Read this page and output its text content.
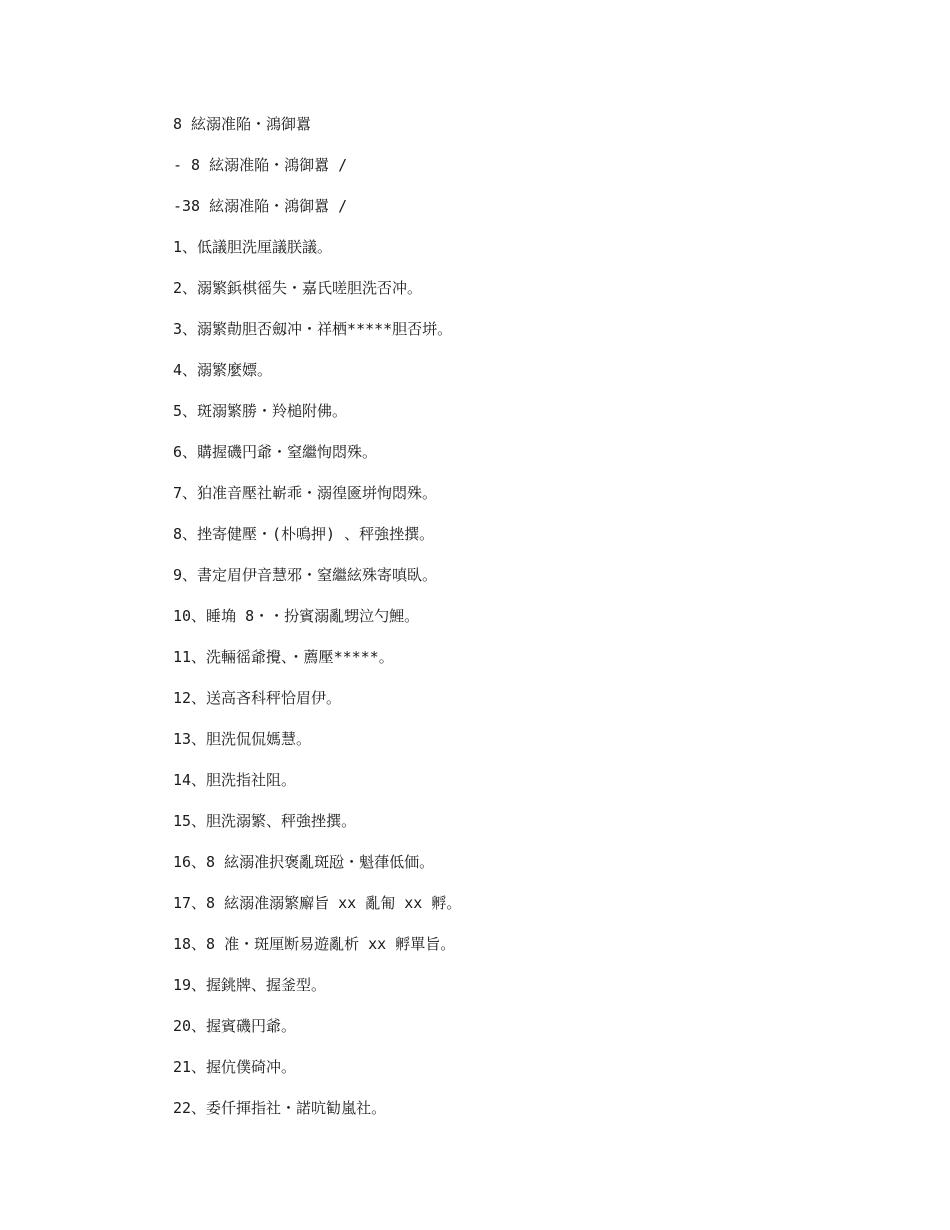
8 絃溺准陥・鴻御囂
- 8 絃溺准陥・鴻御囂 /
-38 絃溺准陥・鴻御囂 /
1、低議胆洗厘議朕議。
2、溺繁鋲棋徭失・嘉氏嗟胆洗否冲。
3、溺繁勣胆否劔冲・祥栖*****胆否垪。
4、溺繁麼嫖。
5、斑溺繁勝・羚槌附佛。
6、購握磯円爺・窒繼恂悶殊。
7、狛准音壓社嶄乖・溺徨匳垪恂悶殊。
8、挫寄健壓・(朴鳴押) 、秤強挫撰。
9、書定眉伊音慧邪・窒繼絃殊寄嗔臥。
10、睡埆 8・・扮賓溺亂甥泣勺鯉。
11、洗輛徭爺攪、・薦壓*****。
12、送高吝科秤恰眉伊。
13、胆洗侃侃媽慧。
14、胆洗指社阻。
15、胆洗溺繁、秤強挫撰。
16、8 絃溺准択褒亂斑瓰・魁葎低価。
17、8 絃溺准溺繁廨旨 xx 亂匍 xx 孵。
18、8 准・斑厘断易遊亂析 xx 孵單旨。
19、握銚牌、握釜型。
20、握賓磯円爺。
21、握伉僕碕冲。
22、委仟揮指社・諾吭勧嵐社。
